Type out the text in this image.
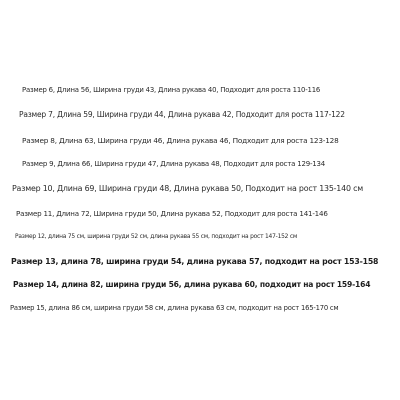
Размер 6, Длина 56, Ширина груди 43, Длина рукава 40, Подходит для роста 110-116
Размер 7, Длина 59, Ширина груди 44, Длина рукава 42, Подходит для роста 117-122
Размер 8, Длина 63, Ширина груди 46, Длина рукава 46, Подходит для роста 123-128
Размер 9, Длина 66, Ширина груди 47, Длина рукава 48, Подходит для роста 129-134
Размер 10, Длина 69, Ширина груди 48, Длина рукава 50, Подходит на рост 135-140 см
Размер 11, Длина 72, Ширина груди 50, Длина рукава 52, Подходит для роста 141-146
Размер 12, длина 75 см, ширина груди 52 см, длина рукава 55 см, подходит на рост 147-152 см
Размер 13, длина 78, ширина груди 54, длина рукава 57, подходит на рост 153-158
Размер 14, длина 82, ширина груди 56, длина рукава 60, подходит на рост 159-164
Размер 15, длина 86 см, ширина груди 58 см, длина рукава 63 см, подходит на рост 165-170 см
